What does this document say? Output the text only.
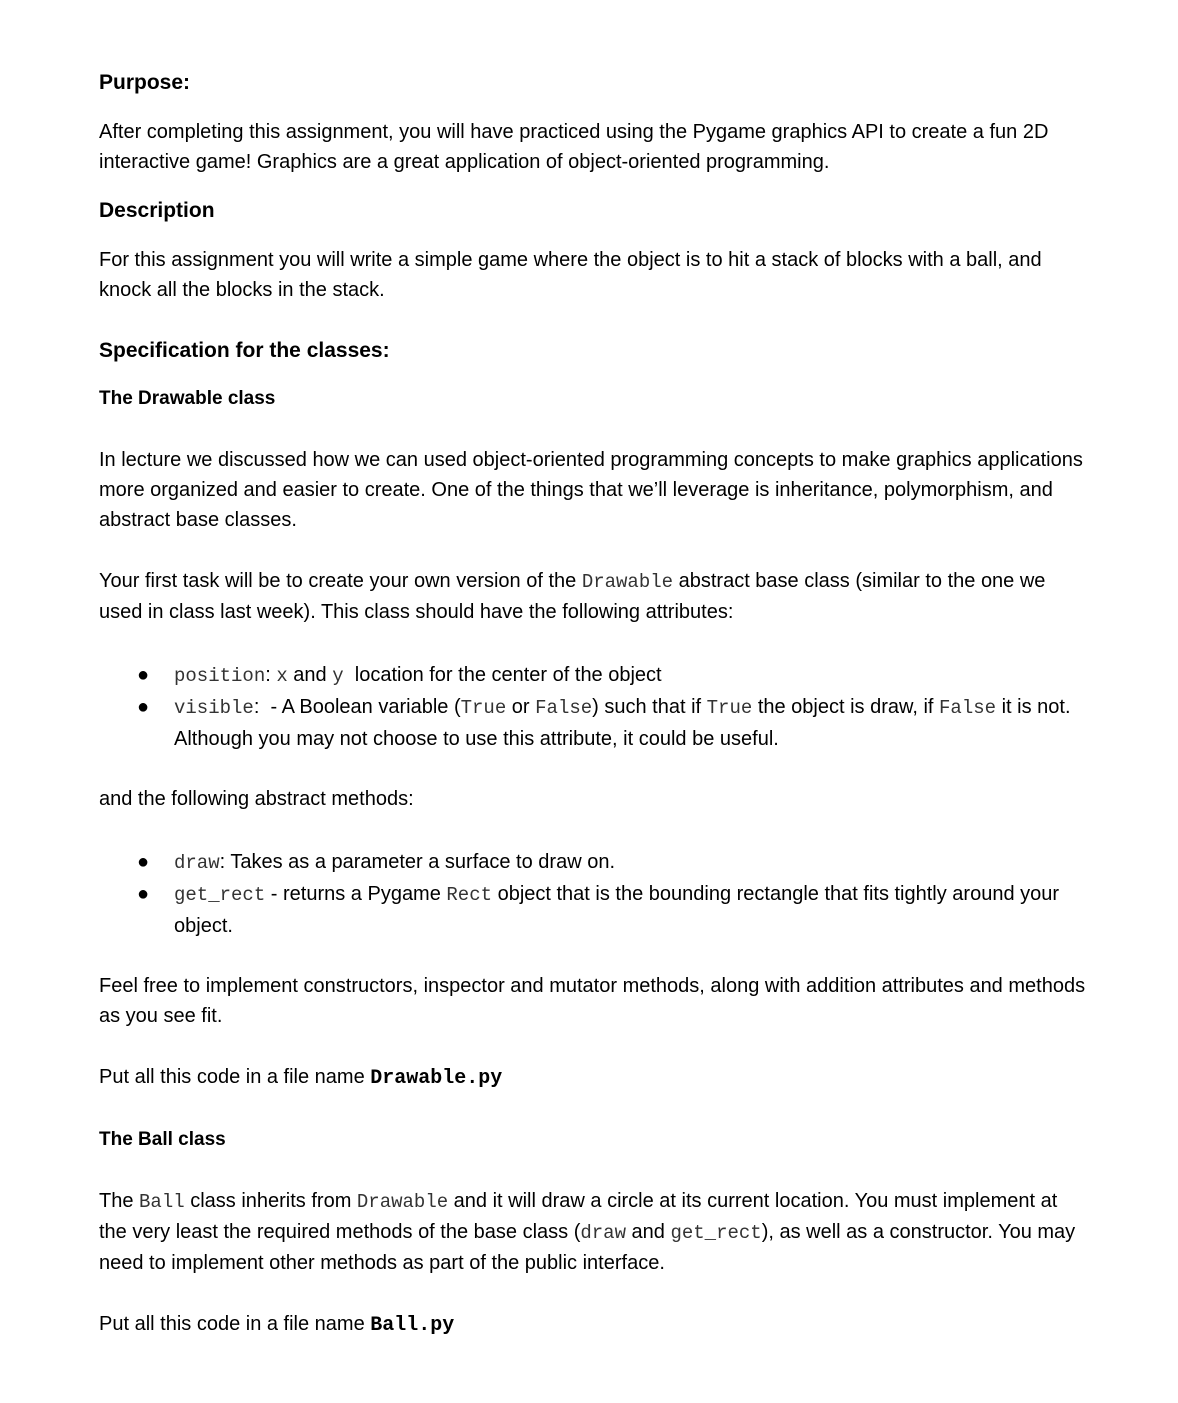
Purpose:

After completing this assignment, you will have practiced using the Pygame graphics API to create a fun 2D interactive game! Graphics are a great application of object-oriented programming.

Description

For this assignment you will write a simple game where the object is to hit a stack of blocks with a ball, and knock all the blocks in the stack.

Specification for the classes:
The Drawable class

In lecture we discussed how we can used object-oriented programming concepts to make graphics applications more organized and easier to create. One of the things that we’ll leverage is inheritance, polymorphism, and abstract base classes.

Your first task will be to create your own version of the Drawable abstract base class (similar to the one we used in class last week). This class should have the following attributes:

● position: x and y  location for the center of the object
● visible:  - A Boolean variable (True or False) such that if True the object is draw, if False it is not.  Although you may not choose to use this attribute, it could be useful.

and the following abstract methods:

● draw: Takes as a parameter a surface to draw on.
● get_rect - returns a Pygame Rect object that is the bounding rectangle that fits tightly around your object.

Feel free to implement constructors, inspector and mutator methods, along with addition attributes and methods as you see fit.

Put all this code in a file name Drawable.py

The Ball class

The Ball class inherits from Drawable and it will draw a circle at its current location. You must implement at the very least the required methods of the base class (draw and get_rect), as well as a constructor. You may need to implement other methods as part of the public interface.

Put all this code in a file name Ball.py
